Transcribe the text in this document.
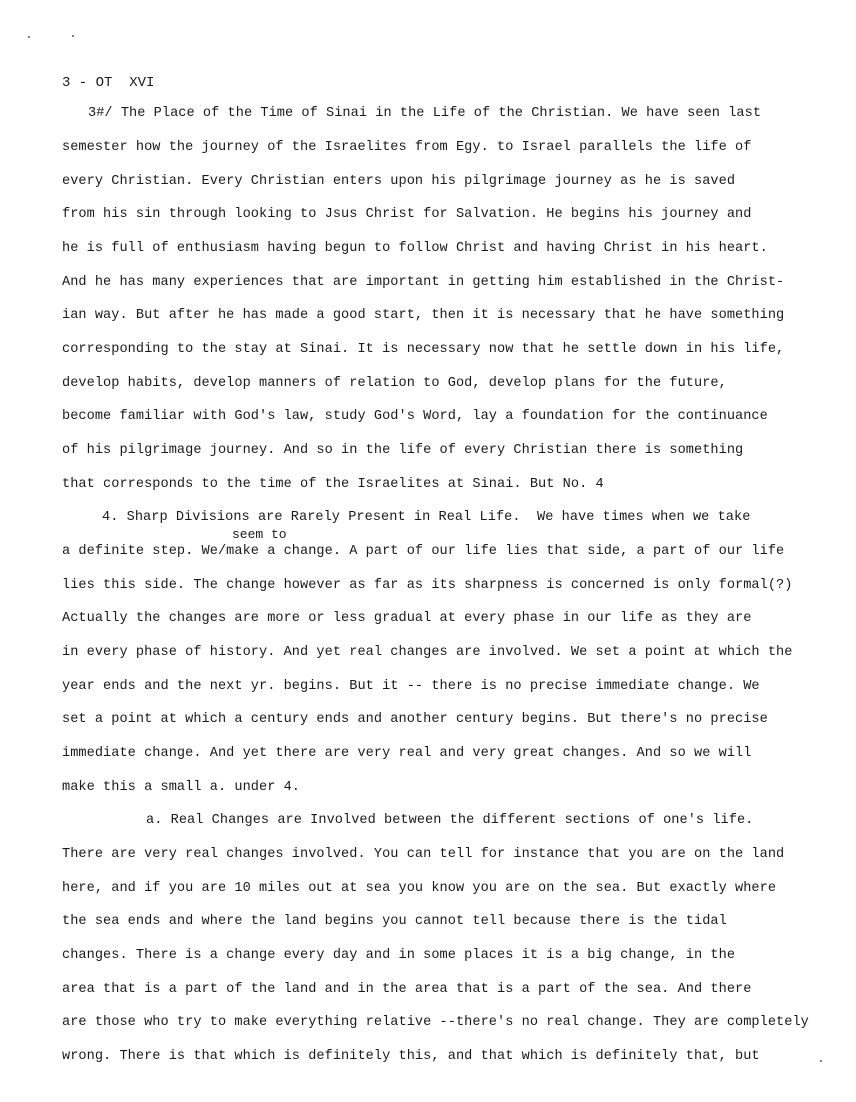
3 - OT  XVI
seem to
3#/ The Place of the Time of Sinai in the Life of the Christian. We have seen last
semester how the journey of the Israelites from Egy. to Israel parallels the life of
every Christian. Every Christian enters upon his pilgrimage journey as he is saved
from his sin through looking to Jsus Christ for Salvation. He begins his journey and
he is full of enthusiasm having begun to follow Christ and having Christ in his heart.
And he has many experiences that are important in getting him established in the Christ-
ian way. But after he has made a good start, then it is necessary that he have something
corresponding to the stay at Sinai. It is necessary now that he settle down in his life,
develop habits, develop manners of relation to God, develop plans for the future,
become familiar with God's law, study God's Word, lay a foundation for the continuance
of his pilgrimage journey. And so in the life of every Christian there is something
that corresponds to the time of the Israelites at Sinai. But No. 4
4. Sharp Divisions are Rarely Present in Real Life.  We have times when we take
a definite step. We/make a change. A part of our life lies that side, a part of our life
lies this side. The change however as far as its sharpness is concerned is only formal(?)
Actually the changes are more or less gradual at every phase in our life as they are
in every phase of history. And yet real changes are involved. We set a point at which the
year ends and the next yr. begins. But it -- there is no precise immediate change. We
set a point at which a century ends and another century begins. But there's no precise
immediate change. And yet there are very real and very great changes. And so we will
make this a small a. under 4.
a. Real Changes are Involved between the different sections of one's life.
There are very real changes involved. You can tell for instance that you are on the land
here, and if you are 10 miles out at sea you know you are on the sea. But exactly where
the sea ends and where the land begins you cannot tell because there is the tidal
changes. There is a change every day and in some places it is a big change, in the
area that is a part of the land and in the area that is a part of the sea. And there
are those who try to make everything relative --there's no real change. They are completely
wrong. There is that which is definitely this, and that which is definitely that, but
